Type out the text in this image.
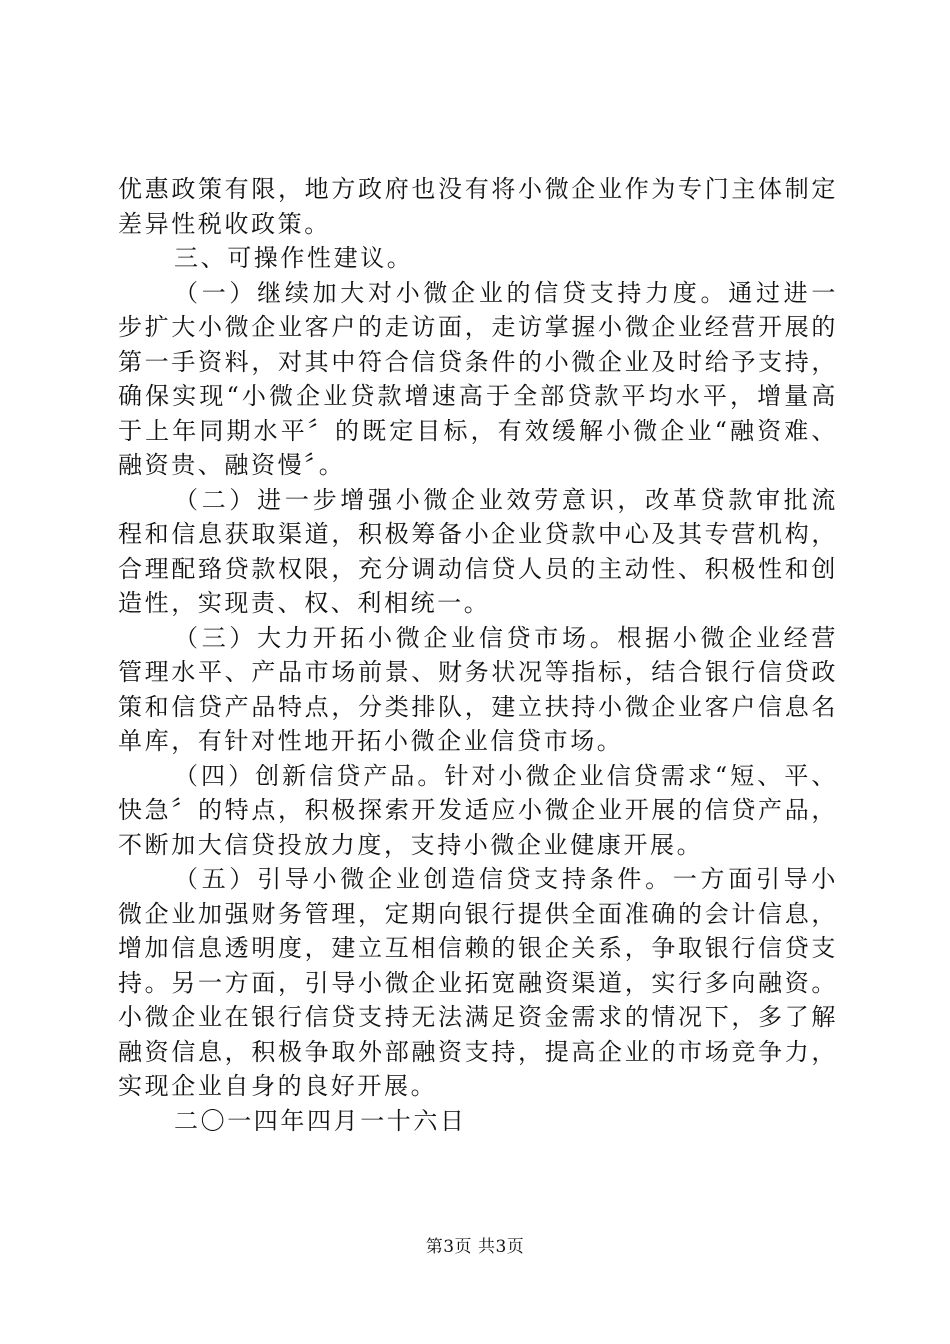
优惠政策有限，地方政府也没有将小微企业作为专门主体制定差异性税收政策。

三、可操作性建议。

（一）继续加大对小微企业的信贷支持力度。通过进一步扩大小微企业客户的走访面，走访掌握小微企业经营开展的第一手资料，对其中符合信贷条件的小微企业及时给予支持，确保实现“小微企业贷款增速高于全部贷款平均水平，增量高于上年同期水平〞的既定目标，有效缓解小微企业“融资难、融资贵、融资慢〞。

（二）进一步增强小微企业效劳意识，改革贷款审批流程和信息获取渠道，积极筹备小企业贷款中心及其专营机构，合理配臵贷款权限，充分调动信贷人员的主动性、积极性和创造性，实现责、权、利相统一。

（三）大力开拓小微企业信贷市场。根据小微企业经营管理水平、产品市场前景、财务状况等指标，结合银行信贷政策和信贷产品特点，分类排队，建立扶持小微企业客户信息名单库，有针对性地开拓小微企业信贷市场。

（四）创新信贷产品。针对小微企业信贷需求“短、平、快急〞的特点，积极探索开发适应小微企业开展的信贷产品，不断加大信贷投放力度，支持小微企业健康开展。

（五）引导小微企业创造信贷支持条件。一方面引导小微企业加强财务管理，定期向银行提供全面准确的会计信息，增加信息透明度，建立互相信赖的银企关系，争取银行信贷支持。另一方面，引导小微企业拓宽融资渠道，实行多向融资。小微企业在银行信贷支持无法满足资金需求的情况下，多了解融资信息，积极争取外部融资支持，提高企业的市场竞争力，实现企业自身的良好开展。

二〇一四年四月一十六日

第3页 共3页
